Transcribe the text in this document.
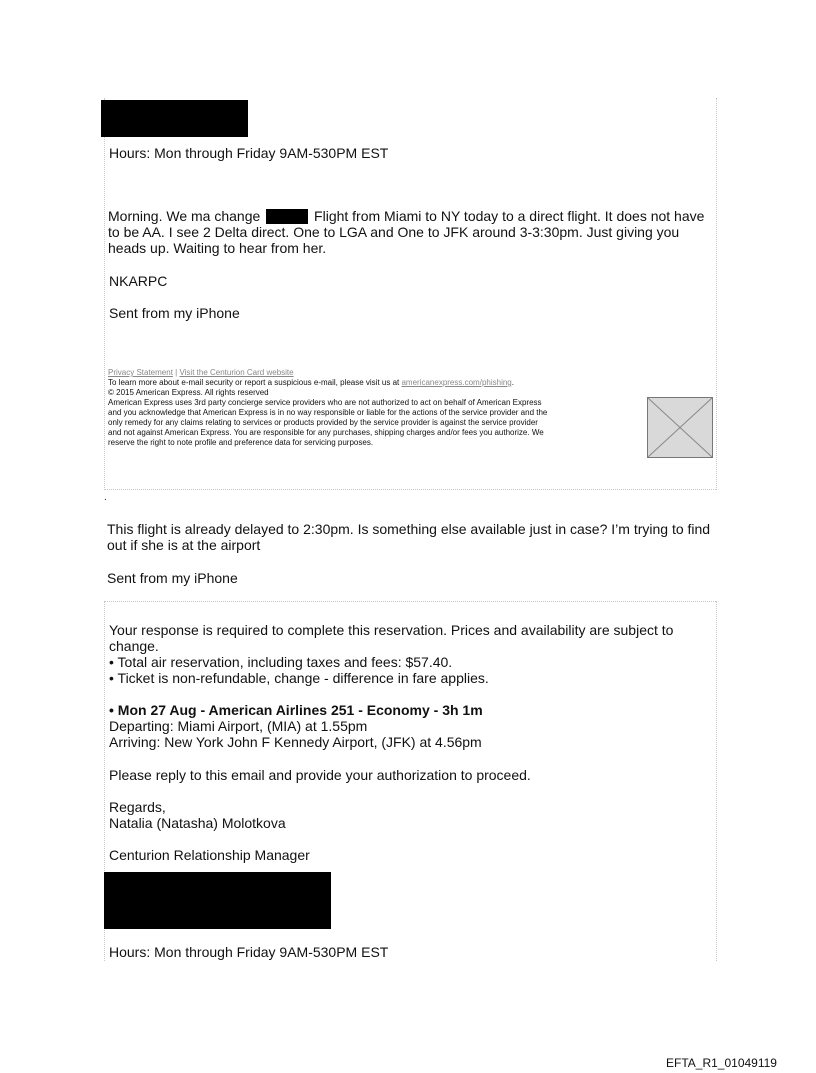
Hours: Mon through Friday 9AM-530PM EST
Morning. We ma change	Flight from Miami to NY today to a direct flight. It does not have
to be AA. I see 2 Delta direct. One to LGA and One to JFK around 3-3:30pm. Just giving you
heads up. Waiting to hear from her.
NKARPC
Sent from my iPhone
Privacy Statement | Visit the Centurion Card website
To learn more about e-mail security or report a suspicious e-mail, please visit us at americanexpress.com/phishing.
© 2015 American Express. All rights reserved
American Express uses 3rd party concierge service providers who are not authorized to act on behalf of American Express
and you acknowledge that American Express is in no way responsible or liable for the actions of the service provider and the
only remedy for any claims relating to services or products provided by the service provider is against the service provider
and not against American Express. You are responsible for any purchases, shipping charges and/or fees you authorize. We
reserve the right to note profile and preference data for servicing purposes.
.
This flight is already delayed to 2:30pm. Is something else available just in case? I’m trying to find
out if she is at the airport
Sent from my iPhone
Your response is required to complete this reservation. Prices and availability are subject to
change.
• Total air reservation, including taxes and fees: $57.40.
• Ticket is non-refundable, change - difference in fare applies.
• Mon 27 Aug - American Airlines 251 - Economy - 3h 1m
Departing: Miami Airport, (MIA) at 1.55pm
Arriving: New York John F Kennedy Airport, (JFK) at 4.56pm
Please reply to this email and provide your authorization to proceed.
Regards,
Natalia (Natasha) Molotkova
Centurion Relationship Manager
Hours: Mon through Friday 9AM-530PM EST
EFTA_R1_01049119
